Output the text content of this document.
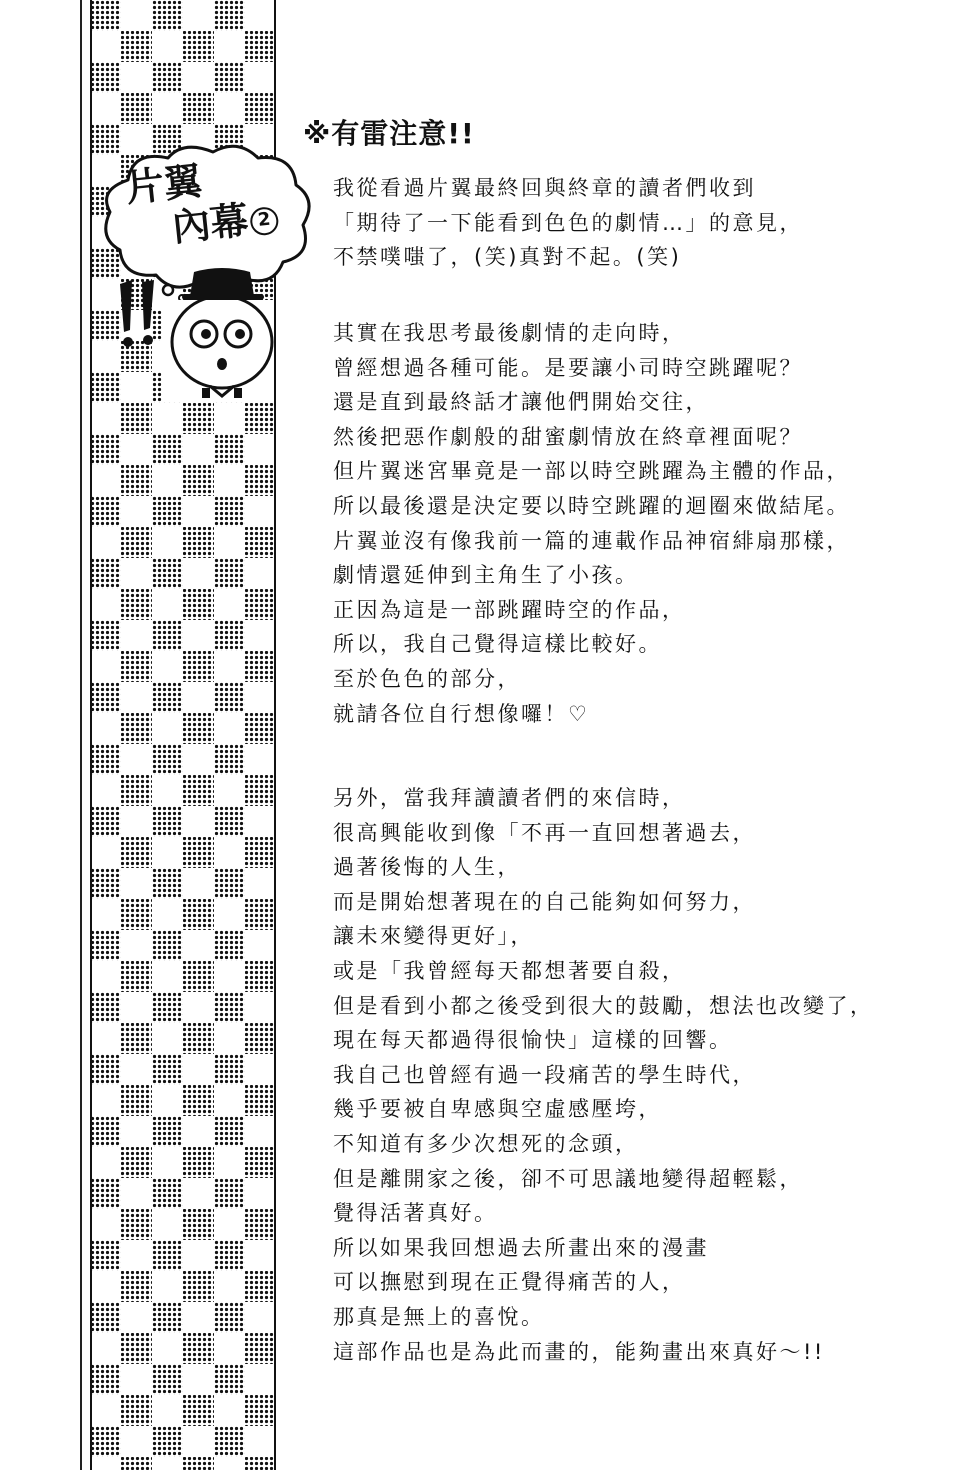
片翼
內幕 2
※有雷注意!!
我從看過片翼最終回與終章的讀者們收到
「期待了一下能看到色色的劇情…」的意見，
不禁噗嗤了，(笑)真對不起。(笑)
其實在我思考最後劇情的走向時，
曾經想過各種可能。是要讓小司時空跳躍呢？
還是直到最終話才讓他們開始交往，
然後把惡作劇般的甜蜜劇情放在終章裡面呢？
但片翼迷宮畢竟是一部以時空跳躍為主體的作品，
所以最後還是決定要以時空跳躍的迴圈來做結尾。
片翼並沒有像我前一篇的連載作品神宿緋扇那樣，
劇情還延伸到主角生了小孩。
正因為這是一部跳躍時空的作品，
所以，我自己覺得這樣比較好。
至於色色的部分，
就請各位自行想像囉！♡
另外，當我拜讀讀者們的來信時，
很高興能收到像「不再一直回想著過去，
過著後悔的人生，
而是開始想著現在的自己能夠如何努力，
讓未來變得更好」，
或是「我曾經每天都想著要自殺，
但是看到小都之後受到很大的鼓勵，想法也改變了，
現在每天都過得很愉快」這樣的回響。
我自己也曾經有過一段痛苦的學生時代，
幾乎要被自卑感與空虛感壓垮，
不知道有多少次想死的念頭，
但是離開家之後，卻不可思議地變得超輕鬆，
覺得活著真好。
所以如果我回想過去所畫出來的漫畫
可以撫慰到現在正覺得痛苦的人，
那真是無上的喜悅。
這部作品也是為此而畫的，能夠畫出來真好～!!
